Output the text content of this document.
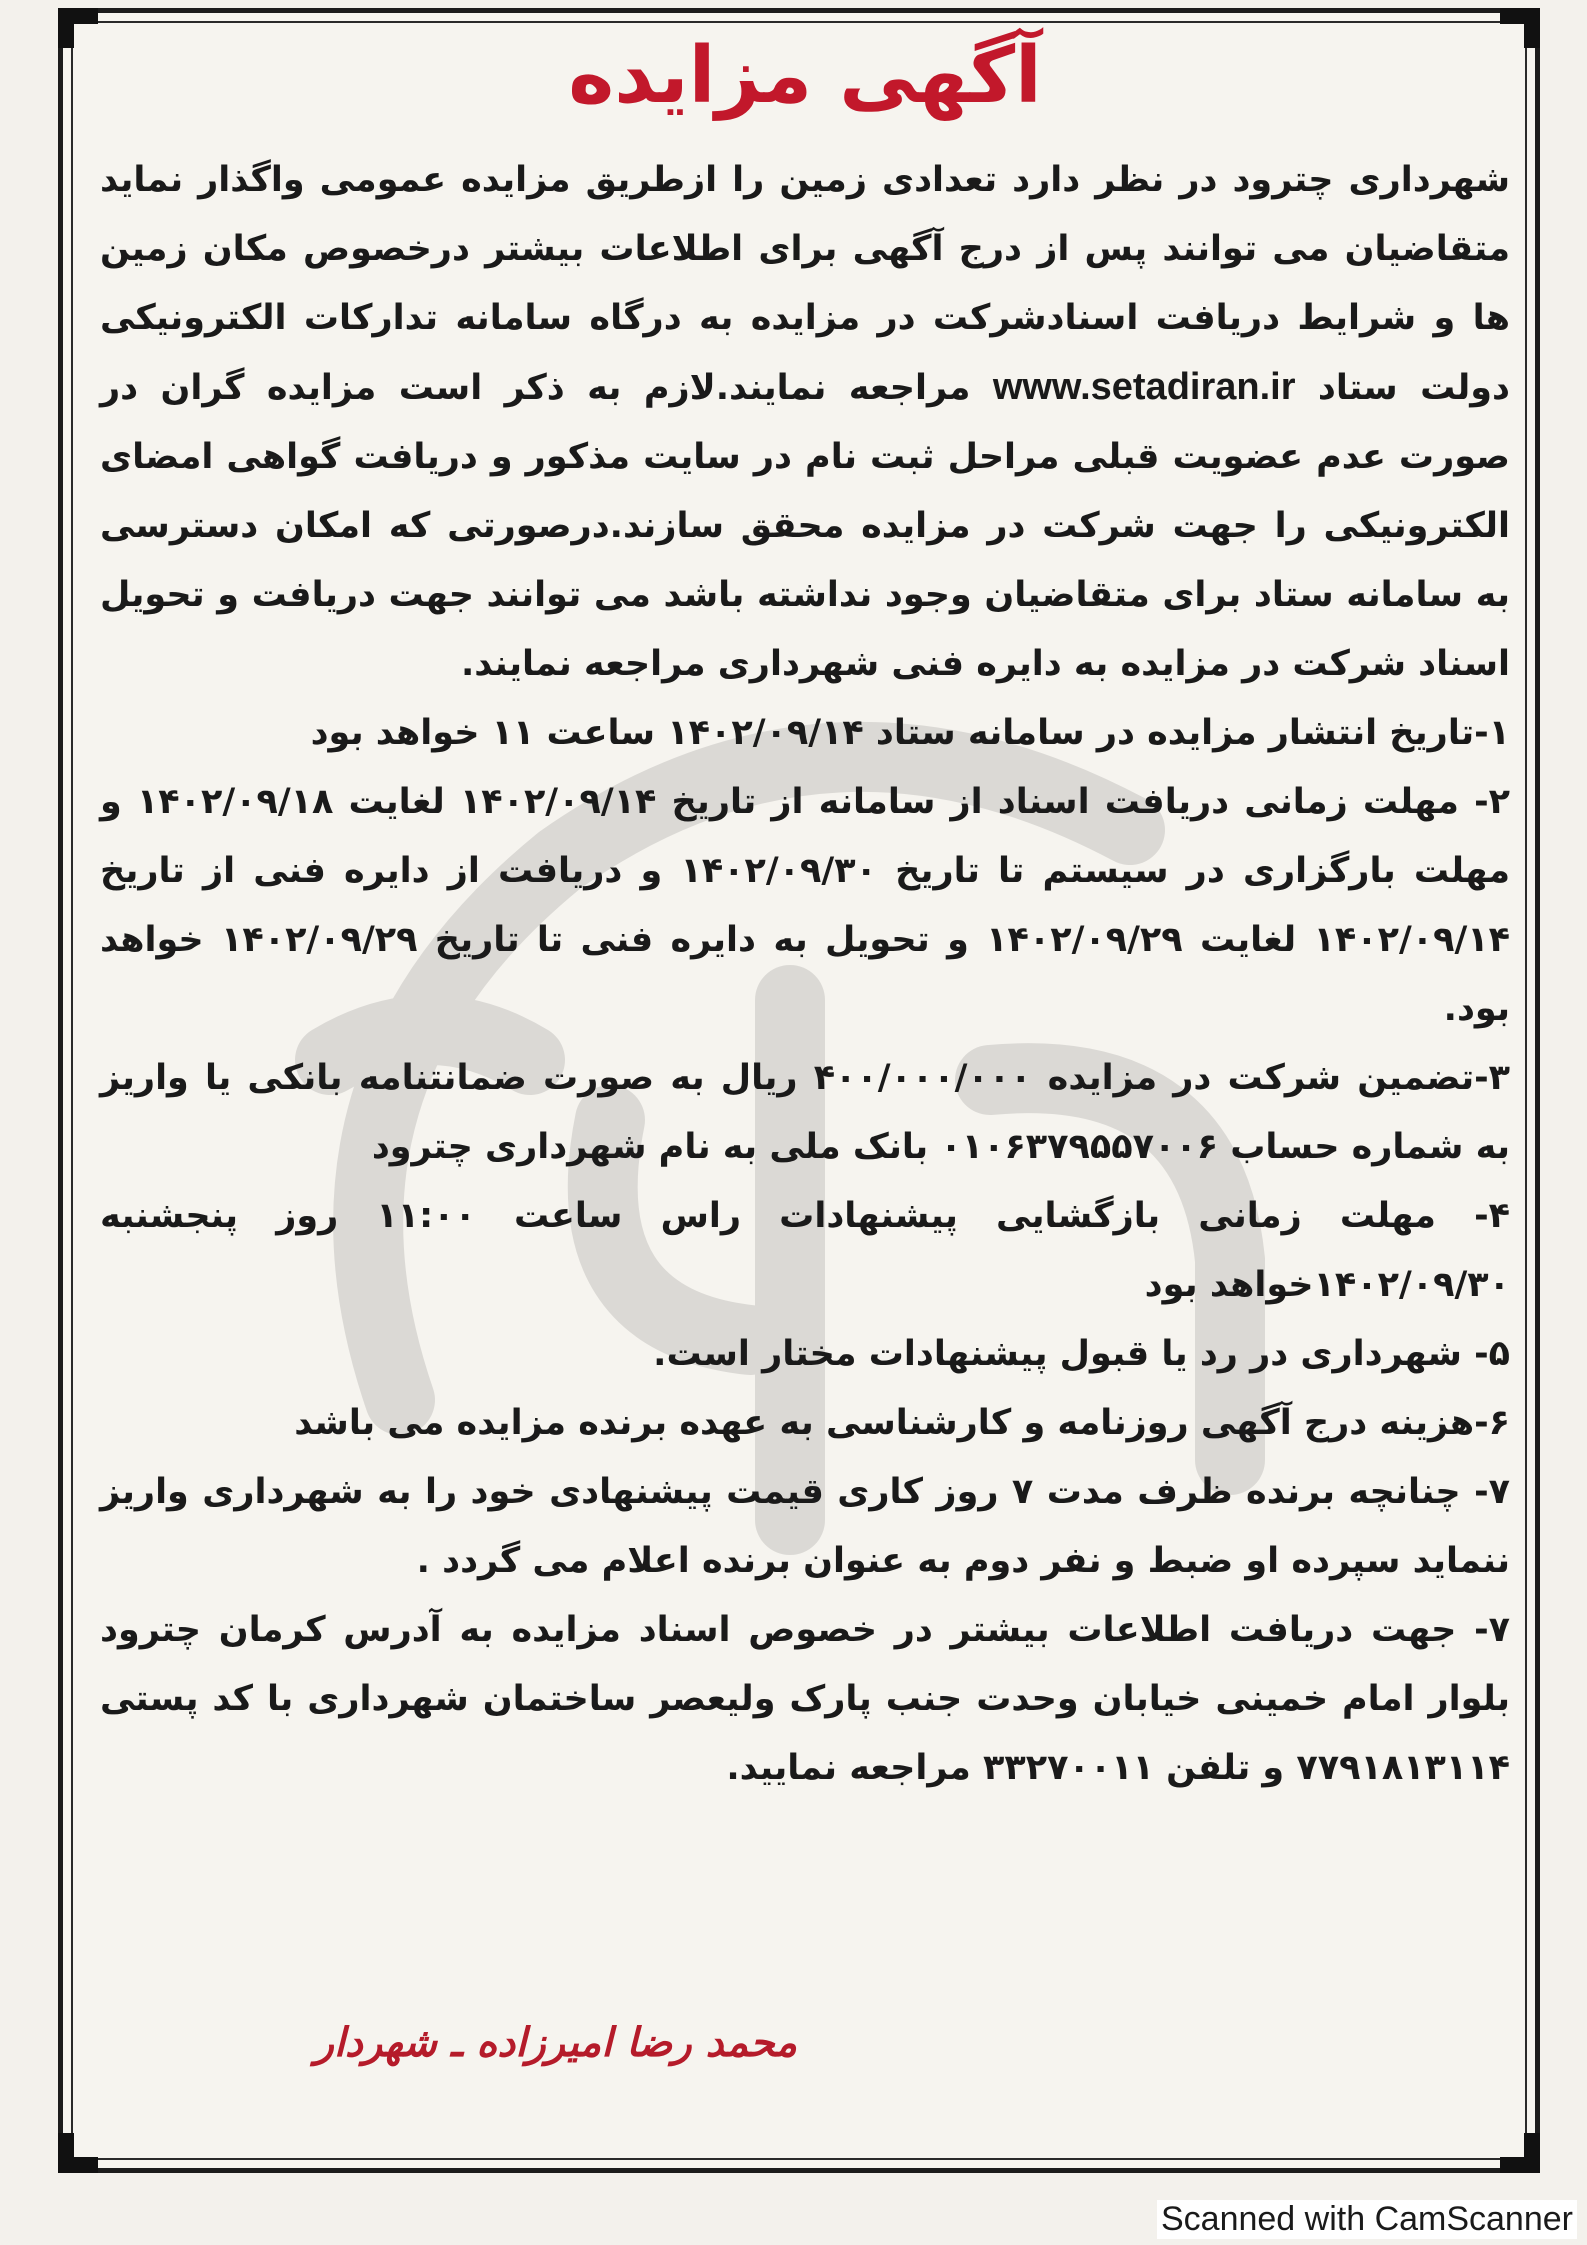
آگهی مزایده

شهرداری چترود در نظر دارد تعدادی زمین را ازطریق مزایده عمومی واگذار نماید متقاضیان می توانند پس از درج آگهی برای اطلاعات بیشتر درخصوص مکان زمین ها و شرایط دریافت اسنادشرکت در مزایده به درگاه سامانه تدارکات الکترونیکی دولت ستاد www.setadiran.ir مراجعه نمایند.لازم به ذکر است مزایده گران در صورت عدم عضویت قبلی مراحل ثبت نام در سایت مذکور و دریافت گواهی امضای الکترونیکی را جهت شرکت در مزایده محقق سازند.درصورتی که امکان دسترسی به سامانه ستاد برای متقاضیان وجود نداشته باشد می توانند جهت دریافت و تحویل اسناد شرکت در مزایده به دایره فنی شهرداری مراجعه نمایند.

۱-تاریخ انتشار مزایده در سامانه ستاد ۱۴۰۲/۰۹/۱۴ ساعت ۱۱ خواهد بود
۲- مهلت زمانی دریافت اسناد از سامانه از تاریخ ۱۴۰۲/۰۹/۱۴ لغایت ۱۴۰۲/۰۹/۱۸ و مهلت بارگزاری در سیستم تا تاریخ ۱۴۰۲/۰۹/۳۰ و دریافت از دایره فنی از تاریخ ۱۴۰۲/۰۹/۱۴ لغایت ۱۴۰۲/۰۹/۲۹ و تحویل به دایره فنی تا تاریخ ۱۴۰۲/۰۹/۲۹ خواهد بود.
۳-تضمین شرکت در مزایده ۴۰۰/۰۰۰/۰۰۰ ریال به صورت ضمانتنامه بانکی یا واریز به شماره حساب ۰۱۰۶۳۷۹۵۵۷۰۰۶ بانک ملی به نام شهرداری چترود
۴- مهلت زمانی بازگشایی پیشنهادات راس ساعت ۱۱:۰۰ روز پنجشنبه ۱۴۰۲/۰۹/۳۰خواهد بود
۵- شهرداری در رد یا قبول پیشنهادات مختار است.
۶-هزینه درج آگهی روزنامه و کارشناسی به عهده برنده مزایده می باشد
۷- چنانچه برنده ظرف مدت ۷ روز کاری قیمت پیشنهادی خود را به شهرداری واریز ننماید سپرده او ضبط و نفر دوم به عنوان برنده اعلام می گردد .
۷- جهت دریافت اطلاعات بیشتر در خصوص اسناد مزایده به آدرس کرمان چترود بلوار امام خمینی خیابان وحدت جنب پارک ولیعصر ساختمان شهرداری با کد پستی ۷۷۹۱۸۱۳۱۱۴ و تلفن ۳۳۲۷۰۰۱۱ مراجعه نمایید.
محمد رضا امیرزاده ـ شهردار
Scanned with CamScanner
